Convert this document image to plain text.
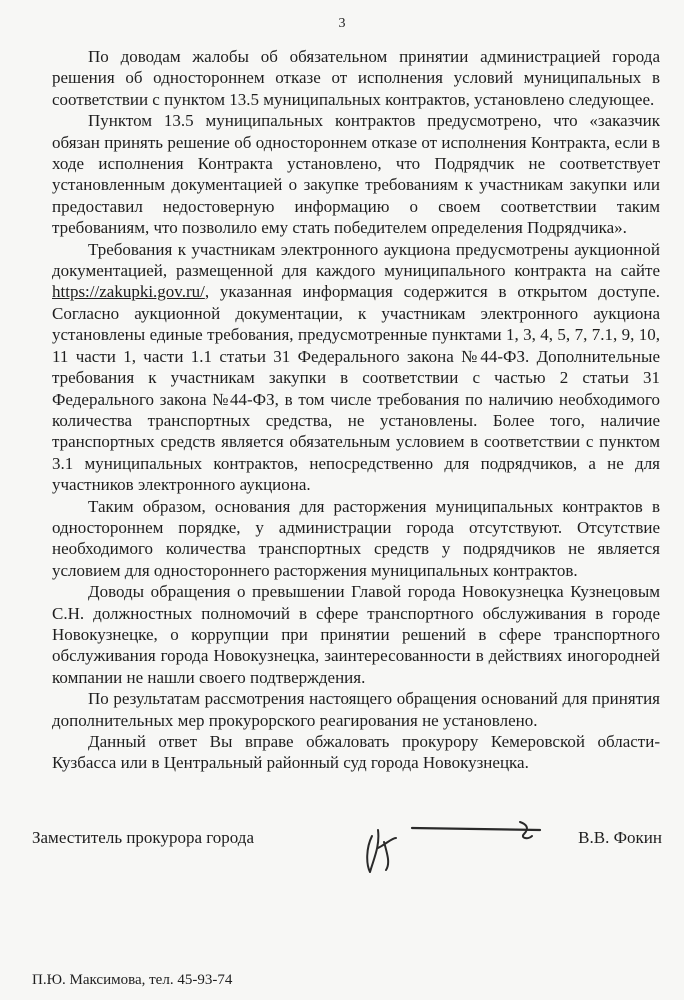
3

По доводам жалобы об обязательном принятии администрацией города решения об одностороннем отказе от исполнения условий муниципальных в соответствии с пунктом 13.5 муниципальных контрактов, установлено следующее.

Пунктом 13.5 муниципальных контрактов предусмотрено, что «заказчик обязан принять решение об одностороннем отказе от исполнения Контракта, если в ходе исполнения Контракта установлено, что Подрядчик не соответствует установленным документацией о закупке требованиям к участникам закупки или предоставил недостоверную информацию о своем соответствии таким требованиям, что позволило ему стать победителем определения Подрядчика».

Требования к участникам электронного аукциона предусмотрены аукционной документацией, размещенной для каждого муниципального контракта на сайте https://zakupki.gov.ru/, указанная информация содержится в открытом доступе. Согласно аукционной документации, к участникам электронного аукциона установлены единые требования, предусмотренные пунктами 1, 3, 4, 5, 7, 7.1, 9, 10, 11 части 1, части 1.1 статьи 31 Федерального закона №44-ФЗ. Дополнительные требования к участникам закупки в соответствии с частью 2 статьи 31 Федерального закона №44-ФЗ, в том числе требования по наличию необходимого количества транспортных средства, не установлены. Более того, наличие транспортных средств является обязательным условием в соответствии с пунктом 3.1 муниципальных контрактов, непосредственно для подрядчиков, а не для участников электронного аукциона.

Таким образом, основания для расторжения муниципальных контрактов в одностороннем порядке, у администрации города отсутствуют. Отсутствие необходимого количества транспортных средств у подрядчиков не является условием для одностороннего расторжения муниципальных контрактов.

Доводы обращения о превышении Главой города Новокузнецка Кузнецовым С.Н. должностных полномочий в сфере транспортного обслуживания в городе Новокузнецке, о коррупции при принятии решений в сфере транспортного обслуживания города Новокузнецка, заинтересованности в действиях иногородней компании не нашли своего подтверждения.

По результатам рассмотрения настоящего обращения оснований для принятия дополнительных мер прокурорского реагирования не установлено.

Данный ответ Вы вправе обжаловать прокурору Кемеровской области-Кузбасса или в Центральный районный суд города Новокузнецка.

Заместитель прокурора города	В.В. Фокин
П.Ю. Максимова, тел. 45-93-74
